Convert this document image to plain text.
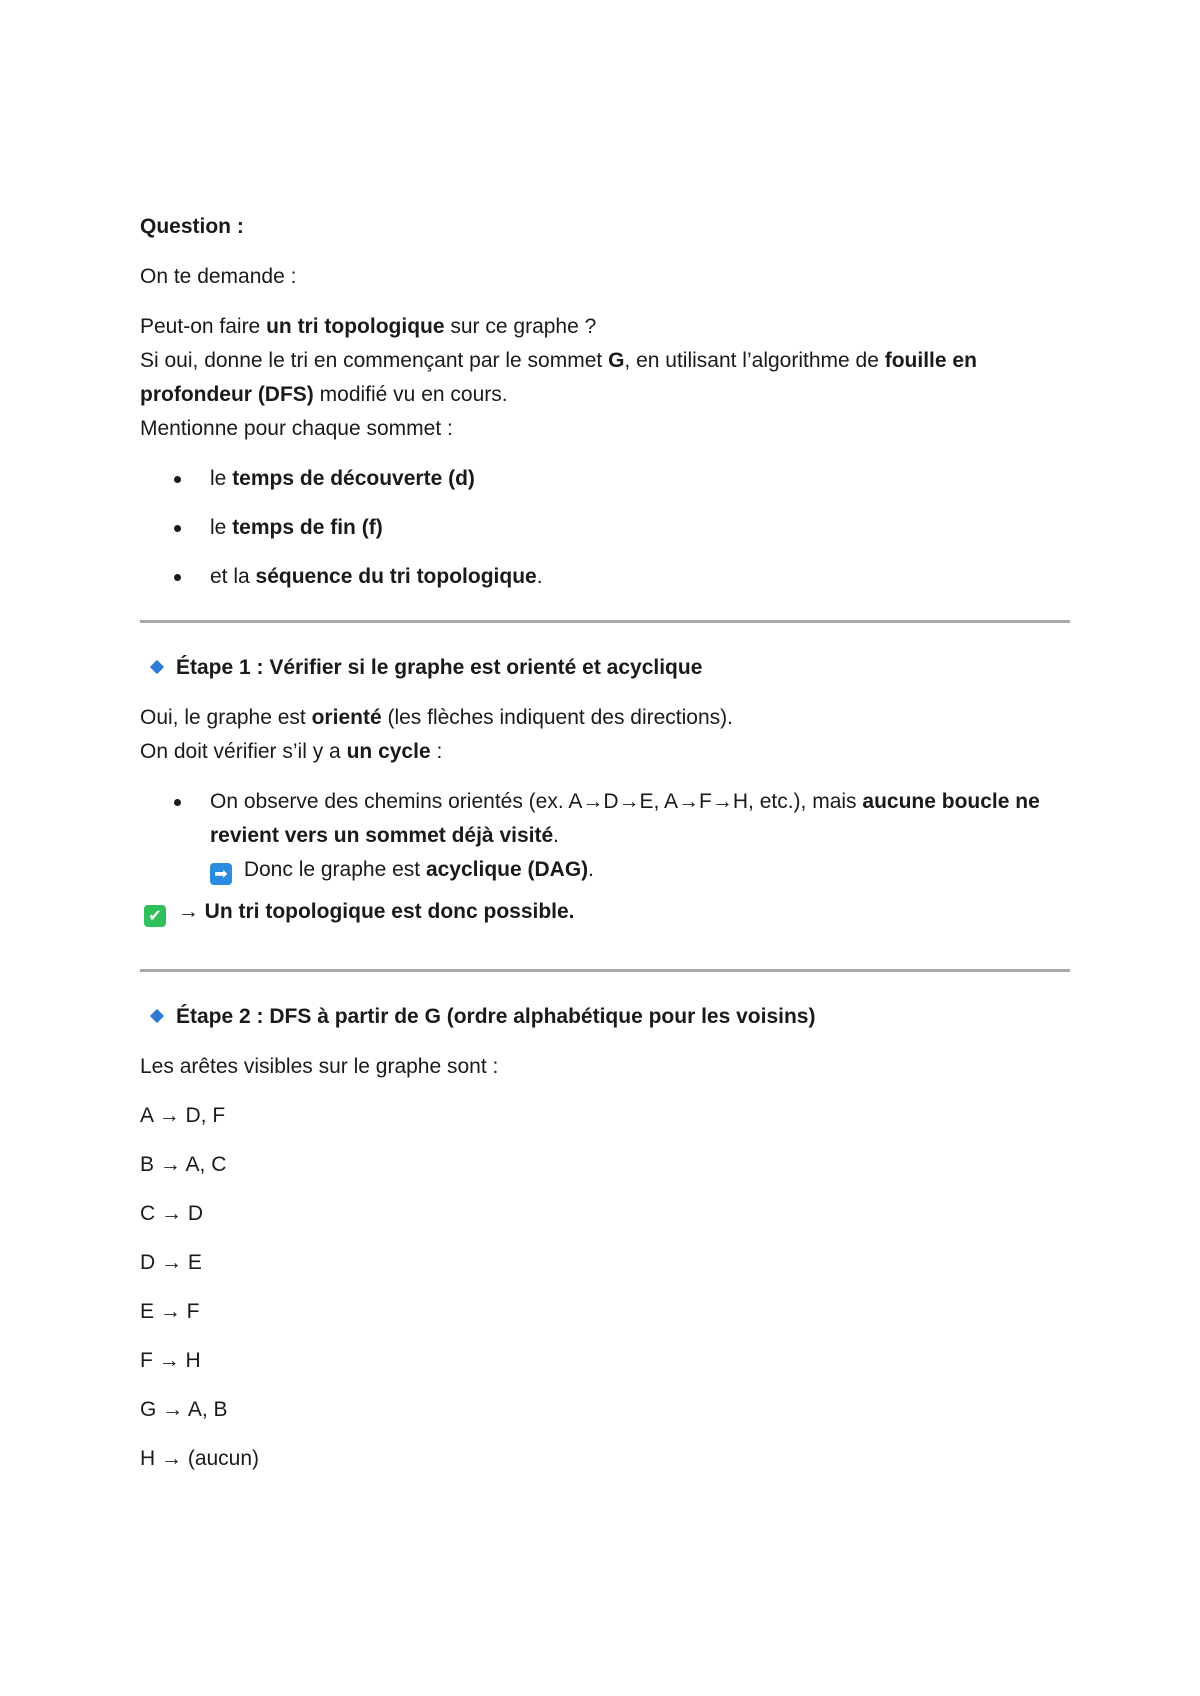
Question :

On te demande :

Peut-on faire un tri topologique sur ce graphe ?

Si oui, donne le tri en commençant par le sommet G, en utilisant l’algorithme de fouille en profondeur (DFS) modifié vu en cours.

Mentionne pour chaque sommet :

le temps de découverte (d)
le temps de fin (f)
et la séquence du tri topologique.

Étape 1 : Vérifier si le graphe est orienté et acyclique

Oui, le graphe est orienté (les flèches indiquent des directions).

On doit vérifier s’il y a un cycle :

On observe des chemins orientés (ex. A→D→E, A→F→H, etc.), mais aucune boucle ne revient vers un sommet déjà visité.
➡ Donc le graphe est acyclique (DAG).

✔ → Un tri topologique est donc possible.

Étape 2 : DFS à partir de G (ordre alphabétique pour les voisins)

Les arêtes visibles sur le graphe sont :

A → D, F

B → A, C

C → D

D → E

E → F

F → H

G → A, B

H → (aucun)
